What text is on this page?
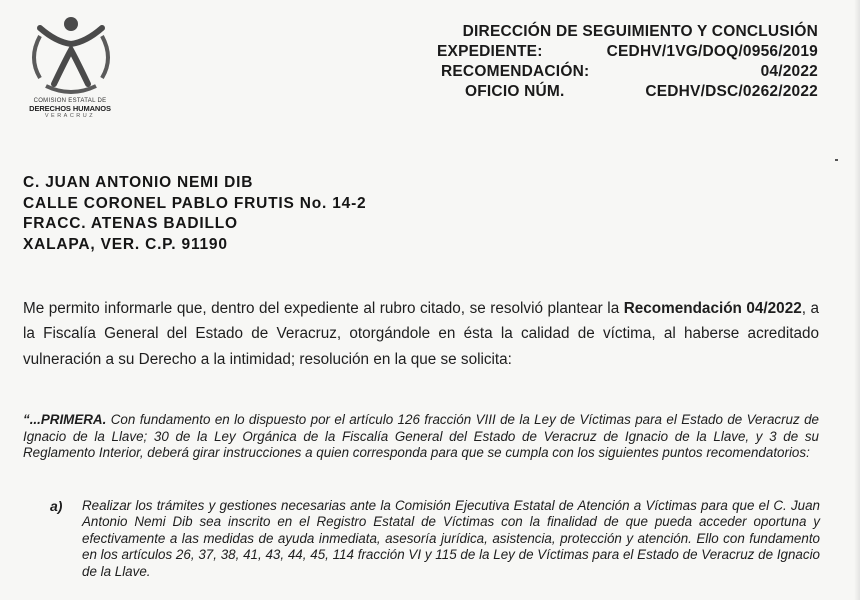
COMISION ESTATAL DE
DERECHOS HUMANOS
VERACRUZ
DIRECCIÓN DE SEGUIMIENTO Y CONCLUSIÓN
EXPEDIENTE:	CEDHV/1VG/DOQ/0956/2019
RECOMENDACIÓN:	04/2022
OFICIO NÚM.	CEDHV/DSC/0262/2022
C. JUAN ANTONIO NEMI DIB
CALLE CORONEL PABLO FRUTIS No. 14-2
FRACC. ATENAS BADILLO
XALAPA, VER. C.P. 91190
Me permito informarle que, dentro del expediente al rubro citado, se resolvió plantear la Recomendación 04/2022, a la Fiscalía General del Estado de Veracruz, otorgándole en ésta la calidad de víctima, al haberse acreditado vulneración a su Derecho a la intimidad; resolución en la que se solicita:
“...PRIMERA. Con fundamento en lo dispuesto por el artículo 126 fracción VIII de la Ley de Víctimas para el Estado de Veracruz de Ignacio de la Llave; 30 de la Ley Orgánica de la Fiscalía General del Estado de Veracruz de Ignacio de la Llave, y 3 de su Reglamento Interior, deberá girar instrucciones a quien corresponda para que se cumpla con los siguientes puntos recomendatorios:
a)	Realizar los trámites y gestiones necesarias ante la Comisión Ejecutiva Estatal de Atención a Víctimas para que el C. Juan Antonio Nemi Dib sea inscrito en el Registro Estatal de Víctimas con la finalidad de que pueda acceder oportuna y efectivamente a las medidas de ayuda inmediata, asesoría jurídica, asistencia, protección y atención. Ello con fundamento en los artículos 26, 37, 38, 41, 43, 44, 45, 114 fracción VI y 115 de la Ley de Víctimas para el Estado de Veracruz de Ignacio de la Llave.
